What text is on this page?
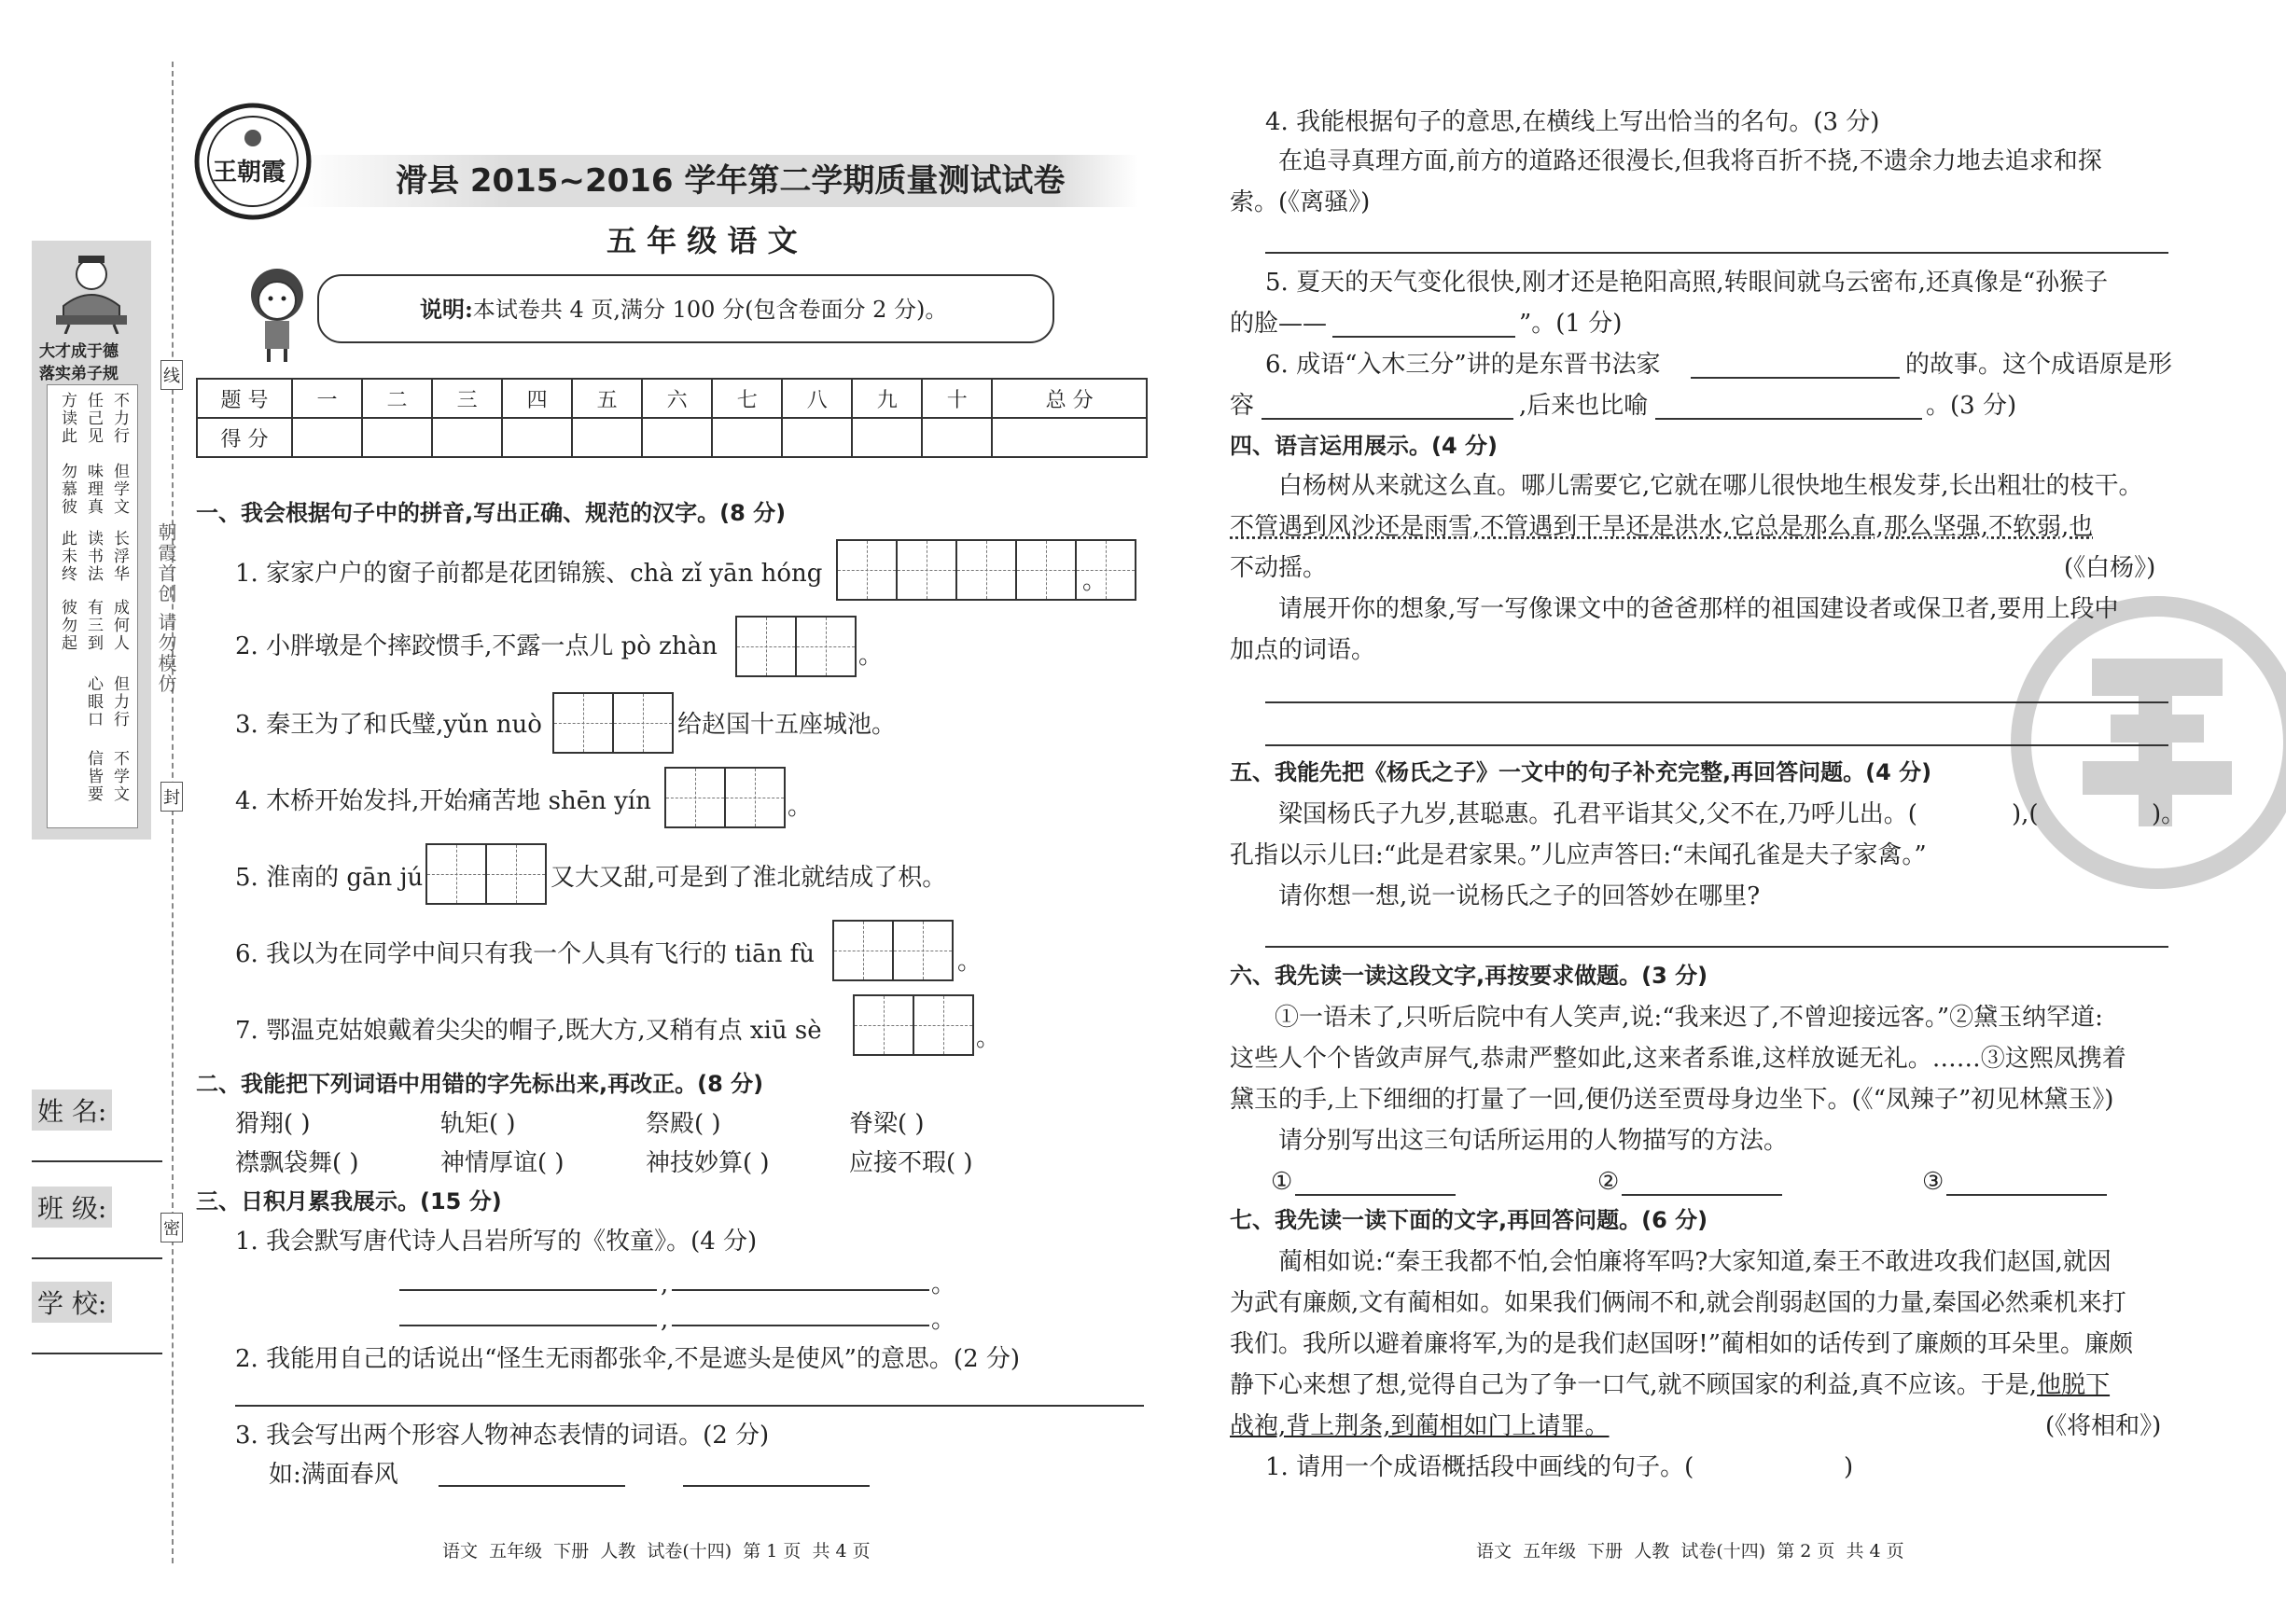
朝霞首创 请勿模仿
线
封
密
大才成于德
落实弟子规
方读此 任己见 不力行
勿慕彼 味理真 但学文
此未终 读书法 长浮华
彼勿起 有三到 成何人
心眼口 但力行
信皆要 不学文
姓 名:
班 级:
学 校:
王朝霞	滑县 2015~2016 学年第二学期质量测试试卷
五 年 级 语 文
说明:本试卷共 4 页,满分 100 分(包含卷面分 2 分)。
题 号	一	二	三	四	五	六	七	八	九	十	总 分
得 分											
一、我会根据句子中的拼音,写出正确、规范的汉字。(8 分)
1. 家家户户的窗子前都是花团锦簇、chà zǐ yān hóng	。
2. 小胖墩是个摔跤惯手,不露一点儿 pò zhàn	。
3. 秦王为了和氏璧,yǔn nuò	给赵国十五座城池。
4. 木桥开始发抖,开始痛苦地 shēn yín	。
5. 淮南的 gān jú	又大又甜,可是到了淮北就结成了枳。
6. 我以为在同学中间只有我一个人具有飞行的 tiān fù	。
7. 鄂温克姑娘戴着尖尖的帽子,既大方,又稍有点 xiū sè	。
二、我能把下列词语中用错的字先标出来,再改正。(8 分)
猾翔( )	轨矩( )	祭殿( )	脊梁( )
襟飘袋舞( )	神情厚谊( )	神技妙算( )	应接不瑕( )
三、日积月累我展示。(15 分)
1. 我会默写唐代诗人吕岩所写的《牧童》。(4 分)
,	。
,	。
2. 我能用自己的话说出“怪生无雨都张伞,不是遮头是使风”的意思。(2 分)
3. 我会写出两个形容人物神态表情的词语。(2 分)
如:满面春风
语文  五年级  下册  人教  试卷(十四)  第 1 页  共 4 页
4. 我能根据句子的意思,在横线上写出恰当的名句。(3 分)
在追寻真理方面,前方的道路还很漫长,但我将百折不挠,不遗余力地去追求和探
索。(《离骚》)
5. 夏天的天气变化很快,刚才还是艳阳高照,转眼间就乌云密布,还真像是“孙猴子
的脸——	”。(1 分)
6. 成语“入木三分”讲的是东晋书法家	的故事。这个成语原是形
容	,后来也比喻	。(3 分)
四、语言运用展示。(4 分)
白杨树从来就这么直。哪儿需要它,它就在哪儿很快地生根发芽,长出粗壮的枝干。
不管遇到风沙还是雨雪,不管遇到干旱还是洪水,它总是那么直,那么坚强,不软弱,也
不动摇。	(《白杨》)
请展开你的想象,写一写像课文中的爸爸那样的祖国建设者或保卫者,要用上段中
加点的词语。
五、我能先把《杨氏之子》一文中的句子补充完整,再回答问题。(4 分)
梁国杨氏子九岁,甚聪惠。孔君平诣其父,父不在,乃呼儿出。(	),(	)。
孔指以示儿曰:“此是君家果。”儿应声答曰:“未闻孔雀是夫子家禽。”
请你想一想,说一说杨氏之子的回答妙在哪里?
六、我先读一读这段文字,再按要求做题。(3 分)
①一语未了,只听后院中有人笑声,说:“我来迟了,不曾迎接远客。”②黛玉纳罕道:
这些人个个皆敛声屏气,恭肃严整如此,这来者系谁,这样放诞无礼。……③这熙凤携着
黛玉的手,上下细细的打量了一回,便仍送至贾母身边坐下。(《“凤辣子”初见林黛玉》)
请分别写出这三句话所运用的人物描写的方法。
①	②	③
七、我先读一读下面的文字,再回答问题。(6 分)
蔺相如说:“秦王我都不怕,会怕廉将军吗?大家知道,秦王不敢进攻我们赵国,就因
为武有廉颇,文有蔺相如。如果我们俩闹不和,就会削弱赵国的力量,秦国必然乘机来打
我们。我所以避着廉将军,为的是我们赵国呀!”蔺相如的话传到了廉颇的耳朵里。廉颇
静下心来想了想,觉得自己为了争一口气,就不顾国家的利益,真不应该。于是,他脱下
战袍,背上荆条,到蔺相如门上请罪。	(《将相和》)
1. 请用一个成语概括段中画线的句子。(	)
语文  五年级  下册  人教  试卷(十四)  第 2 页  共 4 页
